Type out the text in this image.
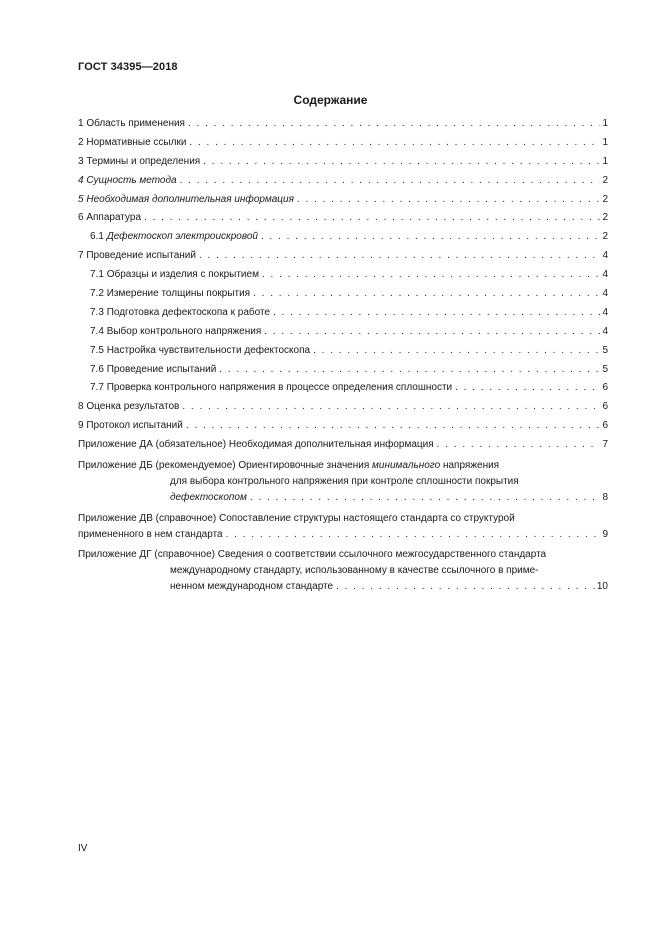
ГОСТ 34395—2018
Содержание
1 Область применения . . .	1
2 Нормативные ссылки . . .	1
3 Термины и определения . . .	1
4 Сущность метода . . .	2
5 Необходимая дополнительная информация . . .	2
6 Аппаратура . . .	2
6.1 Дефектоскоп электроискровой . . .	2
7 Проведение испытаний . . .	4
7.1 Образцы и изделия с покрытием . . .	4
7.2 Измерение толщины покрытия . . .	4
7.3 Подготовка дефектоскопа к работе . . .	4
7.4 Выбор контрольного напряжения . . .	4
7.5 Настройка чувствительности дефектоскопа . . .	5
7.6 Проведение испытаний . . .	5
7.7 Проверка контрольного напряжения в процессе определения сплошности . . .	6
8 Оценка результатов . . .	6
9 Протокол испытаний . . .	6
Приложение ДА (обязательное) Необходимая дополнительная информация . . .	7
Приложение ДБ (рекомендуемое) Ориентировочные значения минимального напряжения
для выбора контрольного напряжения при контроле сплошности покрытия
дефектоскопом . . .	8
Приложение ДВ (справочное) Сопоставление структуры настоящего стандарта со структурой
примененного в нем стандарта . . .	9
Приложение ДГ (справочное) Сведения о соответствии ссылочного межгосударственного стандарта
международному стандарту, использованному в качестве ссылочного в приме-
ненном международном стандарте . . .	10
IV
